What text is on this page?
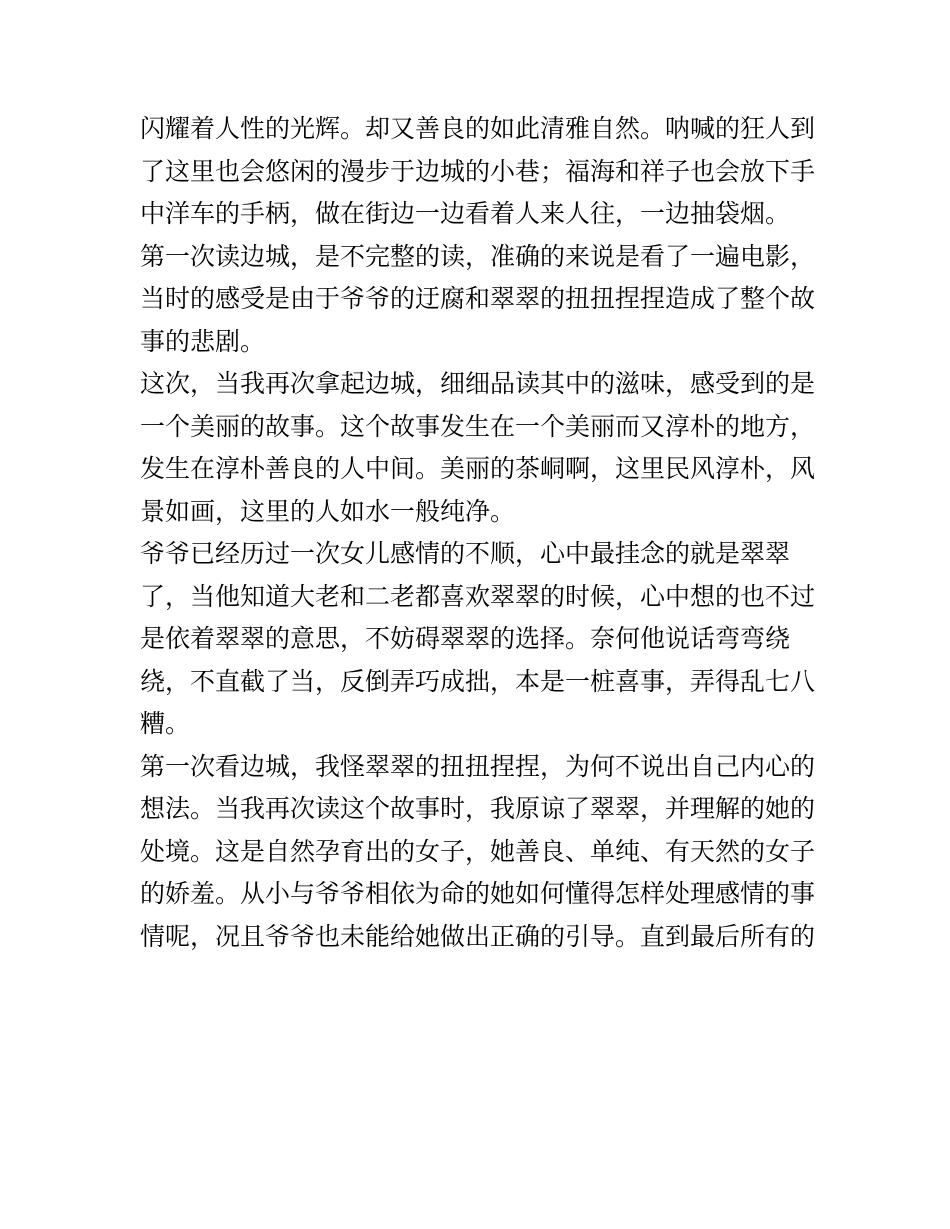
闪耀着人性的光辉。却又善良的如此清雅自然。呐喊的狂人到
了这里也会悠闲的漫步于边城的小巷；福海和祥子也会放下手
中洋车的手柄，做在街边一边看着人来人往，一边抽袋烟。
第一次读边城，是不完整的读，准确的来说是看了一遍电影，
当时的感受是由于爷爷的迂腐和翠翠的扭扭捏捏造成了整个故
事的悲剧。
这次，当我再次拿起边城，细细品读其中的滋味，感受到的是
一个美丽的故事。这个故事发生在一个美丽而又淳朴的地方，
发生在淳朴善良的人中间。美丽的茶峒啊，这里民风淳朴，风
景如画，这里的人如水一般纯净。
爷爷已经历过一次女儿感情的不顺，心中最挂念的就是翠翠
了，当他知道大老和二老都喜欢翠翠的时候，心中想的也不过
是依着翠翠的意思，不妨碍翠翠的选择。奈何他说话弯弯绕
绕，不直截了当，反倒弄巧成拙，本是一桩喜事，弄得乱七八
糟。
第一次看边城，我怪翠翠的扭扭捏捏，为何不说出自己内心的
想法。当我再次读这个故事时，我原谅了翠翠，并理解的她的
处境。这是自然孕育出的女子，她善良、单纯、有天然的女子
的娇羞。从小与爷爷相依为命的她如何懂得怎样处理感情的事
情呢，况且爷爷也未能给她做出正确的引导。直到最后所有的
